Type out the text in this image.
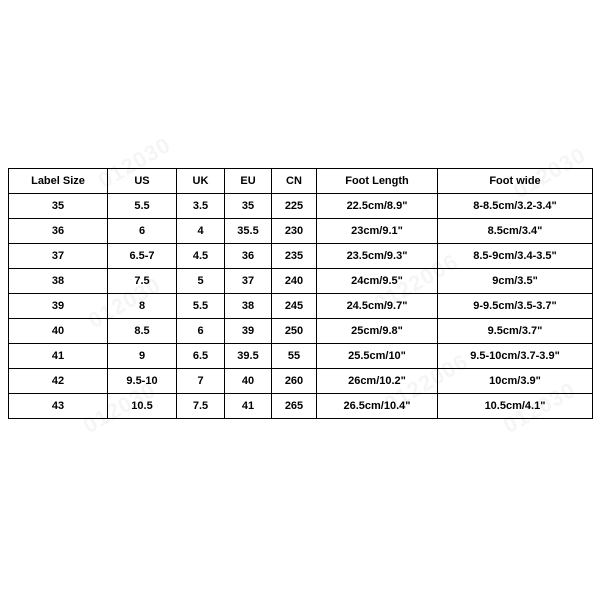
Label Size	US	UK	EU	CN	Foot Length	Foot wide
35	5.5	3.5	35	225	22.5cm/8.9"	8-8.5cm/3.2-3.4"
36	6	4	35.5	230	23cm/9.1"	8.5cm/3.4"
37	6.5-7	4.5	36	235	23.5cm/9.3"	8.5-9cm/3.4-3.5"
38	7.5	5	37	240	24cm/9.5"	9cm/3.5"
39	8	5.5	38	245	24.5cm/9.7"	9-9.5cm/3.5-3.7"
40	8.5	6	39	250	25cm/9.8"	9.5cm/3.7"
41	9	6.5	39.5	55	25.5cm/10"	9.5-10cm/3.7-3.9"
42	9.5-10	7	40	260	26cm/10.2"	10cm/3.9"
43	10.5	7.5	41	265	26.5cm/10.4"	10.5cm/4.1"
